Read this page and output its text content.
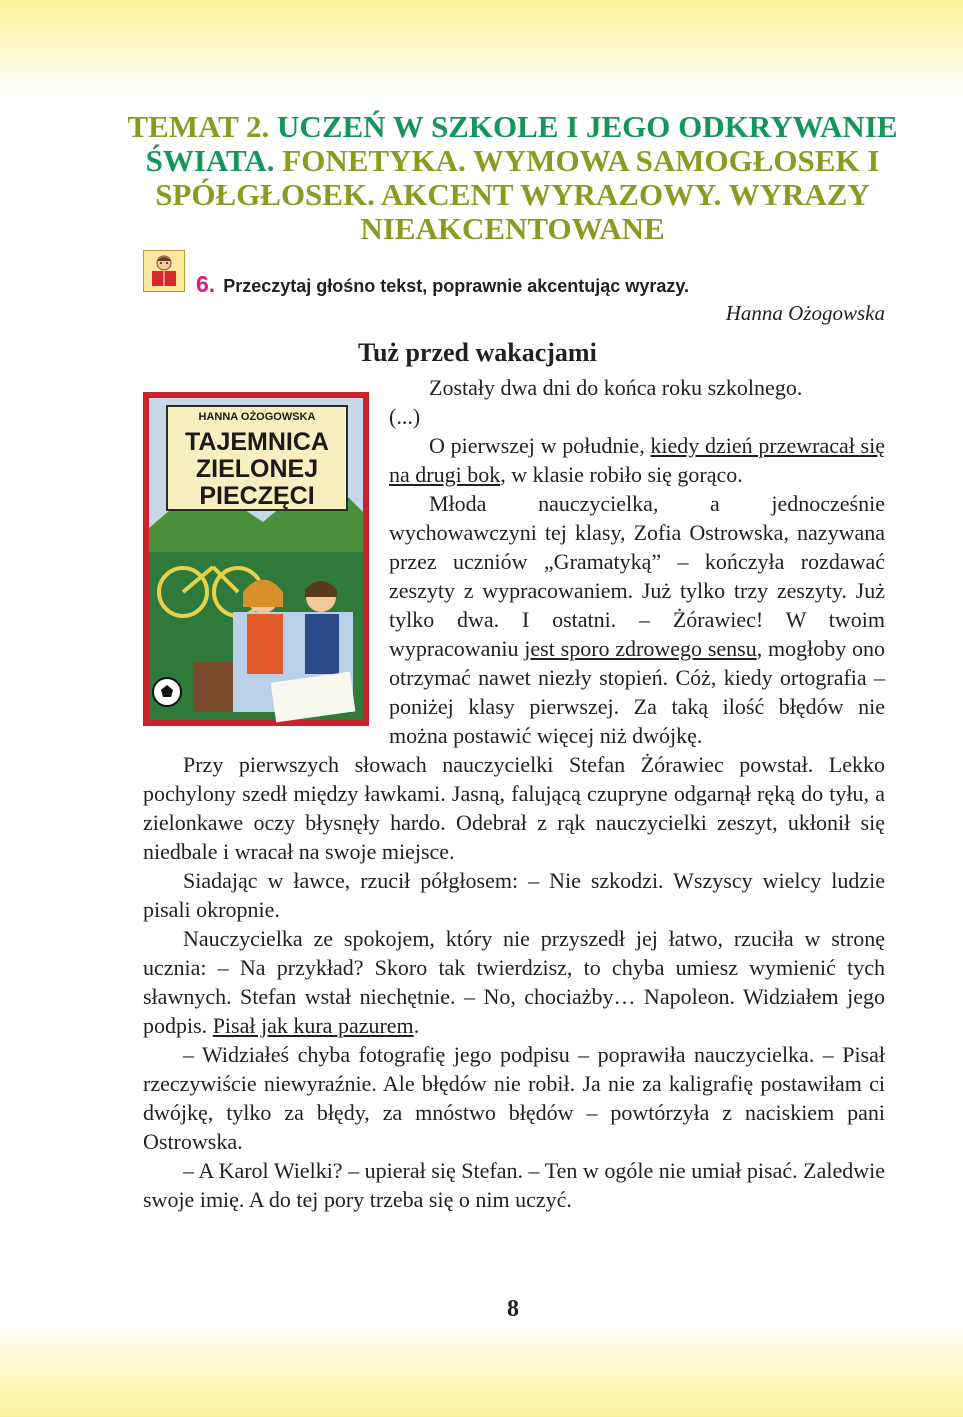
TEMAT 2. UCZEŃ W SZKOLE I JEGO ODKRYWANIE ŚWIATA. FONETYKA. WYMOWA SAMOGŁOSEK I SPÓŁGŁOSEK. AKCENT WYRAZOWY. WYRAZY NIEAKCENTOWANE
6. Przeczytaj głośno tekst, poprawnie akcentując wyrazy.
Hanna Ożogowska
Tuż przed wakacjami
HANNA OŻOGOWSKA
TAJEMNICA
ZIELONEJ
PIECZĘCI

Zostały dwa dni do końca roku szkolnego.

(...)

O pierwszej w południe, kiedy dzień przewracał się na drugi bok, w klasie robiło się gorąco.

Młoda nauczycielka, a jednocześnie wychowawczyni tej klasy, Zofia Ostrowska, nazywana przez uczniów „Gramatyką” – kończyła rozdawać zeszyty z wypracowaniem. Już tylko trzy zeszyty. Już tylko dwa. I ostatni. – Żórawiec! W twoim wypracowaniu jest sporo zdrowego sensu, mogłoby ono otrzymać nawet niezły stopień. Cóż, kiedy ortografia – poniżej klasy pierwszej. Za taką ilość błędów nie można postawić więcej niż dwójkę.

Przy pierwszych słowach nauczycielki Stefan Żórawiec powstał. Lekko pochylony szedł między ławkami. Jasną, falującą czupryne odgarnął ręką do tyłu, a zielonkawe oczy błysnęły hardo. Odebrał z rąk nauczycielki zeszyt, ukłonił się niedbale i wracał na swoje miejsce.

Siadając w ławce, rzucił półgłosem: – Nie szkodzi. Wszyscy wielcy ludzie pisali okropnie.

Nauczycielka ze spokojem, który nie przyszedł jej łatwo, rzuciła w stronę ucznia: – Na przykład? Skoro tak twierdzisz, to chyba umiesz wymienić tych sławnych. Stefan wstał niechętnie. – No, chociażby… Napoleon. Widziałem jego podpis. Pisał jak kura pazurem.

– Widziałeś chyba fotografię jego podpisu – poprawiła nauczycielka. – Pisał rzeczywiście niewyraźnie. Ale błędów nie robił. Ja nie za kaligrafię postawiłam ci dwójkę, tylko za błędy, za mnóstwo błędów – powtórzyła z naciskiem pani Ostrowska.

– A Karol Wielki? – upierał się Stefan. – Ten w ogóle nie umiał pisać. Zaledwie swoje imię. A do tej pory trzeba się o nim uczyć.

8
